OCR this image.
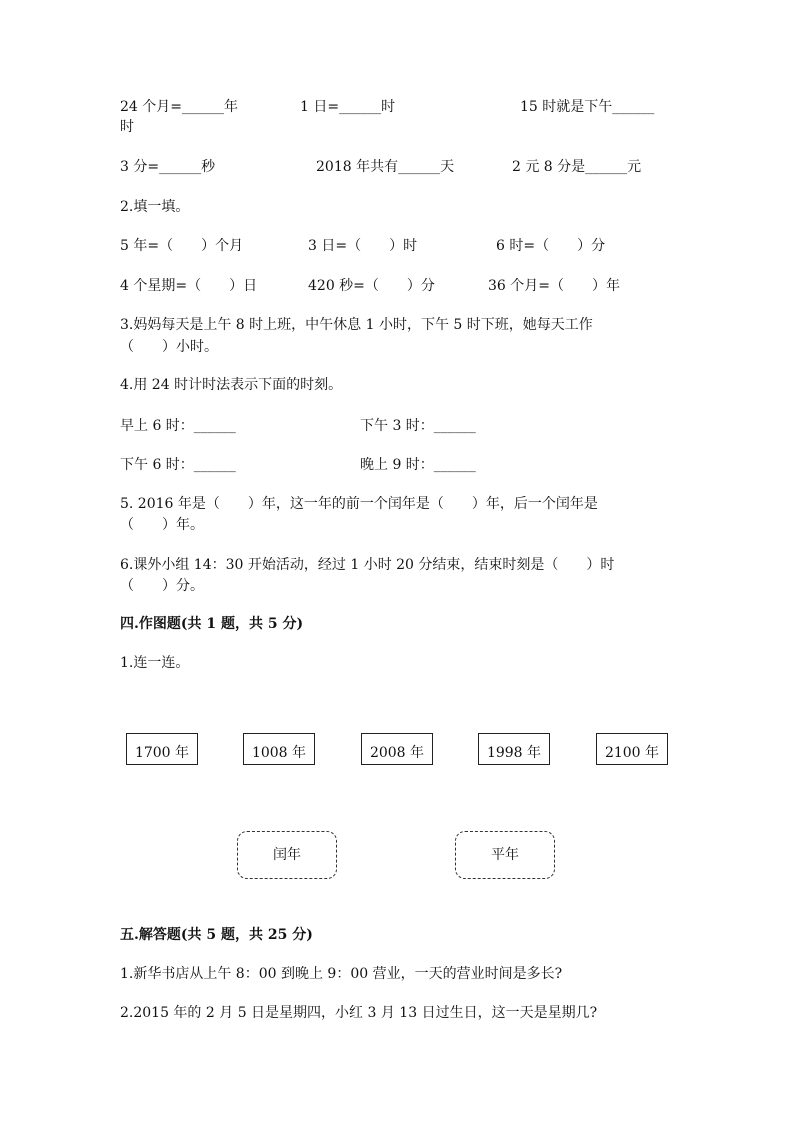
24 个月=______年	1 日=______时	15 时就是下午______
时
3 分=______秒	2018 年共有______天	2 元 8 分是______元
2.填一填。
5 年=（　　）个月	3 日=（　　）时	6 时=（　　）分
4 个星期=（　　）日	420 秒=（　　）分	36 个月=（　　）年
3.妈妈每天是上午 8 时上班，中午休息 1 小时，下午 5 时下班，她每天工作
（　　）小时。
4.用 24 时计时法表示下面的时刻。
早上 6 时：______	下午 3 时：______
下午 6 时：______	晚上 9 时：______
5. 2016 年是（　　）年，这一年的前一个闰年是（　　）年，后一个闰年是
（　　）年。
6.课外小组 14：30 开始活动，经过 1 小时 20 分结束，结束时刻是（　　）时
（　　）分。
四.作图题(共 1 题，共 5 分)
1.连一连。
1700 年	1008 年	2008 年	1998 年	2100 年
闰年	平年
五.解答题(共 5 题，共 25 分)
1.新华书店从上午 8：00 到晚上 9：00 营业，一天的营业时间是多长?
2.2015 年的 2 月 5 日是星期四，小红 3 月 13 日过生日，这一天是星期几?
